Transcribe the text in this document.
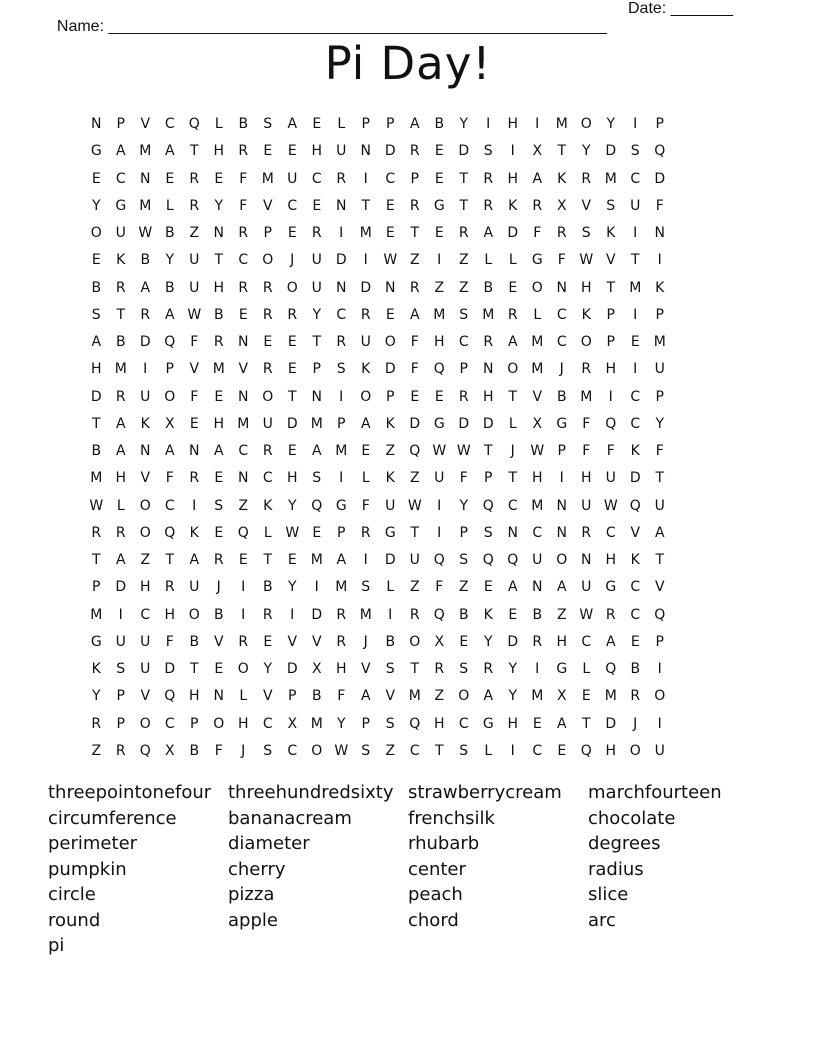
Name: ________________________________________________________

Date: _______

Pi Day!
N P V C Q L B S A E L P P A B Y I H I M O Y I P
G A M A T H R E E H U N D R E D S I X T Y D S Q
E C N E R E F M U C R I C P E T R H A K R M C D
Y G M L R Y F V C E N T E R G T R K R X V S U F
O U W B Z N R P E R I M E T E R A D F R S K I N
E K B Y U T C O J U D I W Z I Z L L G F W V T I
B R A B U H R R O U N D N R Z Z B E O N H T M K
S T R A W B E R R Y C R E A M S M R L C K P I P
A B D Q F R N E E T R U O F H C R A M C O P E M
H M I P V M V R E P S K D F Q P N O M J R H I U
D R U O F E N O T N I O P E E R H T V B M I C P
T A K X E H M U D M P A K D G D D L X G F Q C Y
B A N A N A C R E A M E Z Q W W T J W P F F K F
M H V F R E N C H S I L K Z U F P T H I H U D T
W L O C I S Z K Y Q G F U W I Y Q C M N U W Q U
R R O Q K E Q L W E P R G T I P S N C N R C V A
T A Z T A R E T E M A I D U Q S Q Q U O N H K T
P D H R U J I B Y I M S L Z F Z E A N A U G C V
M I C H O B I R I D R M I R Q B K E B Z W R C Q
G U U F B V R E V V R J B O X E Y D R H C A E P
K S U D T E O Y D X H V S T R S R Y I G L Q B I
Y P V Q H N L V P B F A V M Z O A Y M X E M R O
R P O C P O H C X M Y P S Q H C G H E A T D J I
Z R Q X B F J S C O W S Z C T S L I C E Q H O U
threepointonefour
circumference
perimeter
pumpkin
circle
round
pi
threehundredsixty
bananacream
diameter
cherry
pizza
apple
strawberrycream
frenchsilk
rhubarb
center
peach
chord
marchfourteen
chocolate
degrees
radius
slice
arc
